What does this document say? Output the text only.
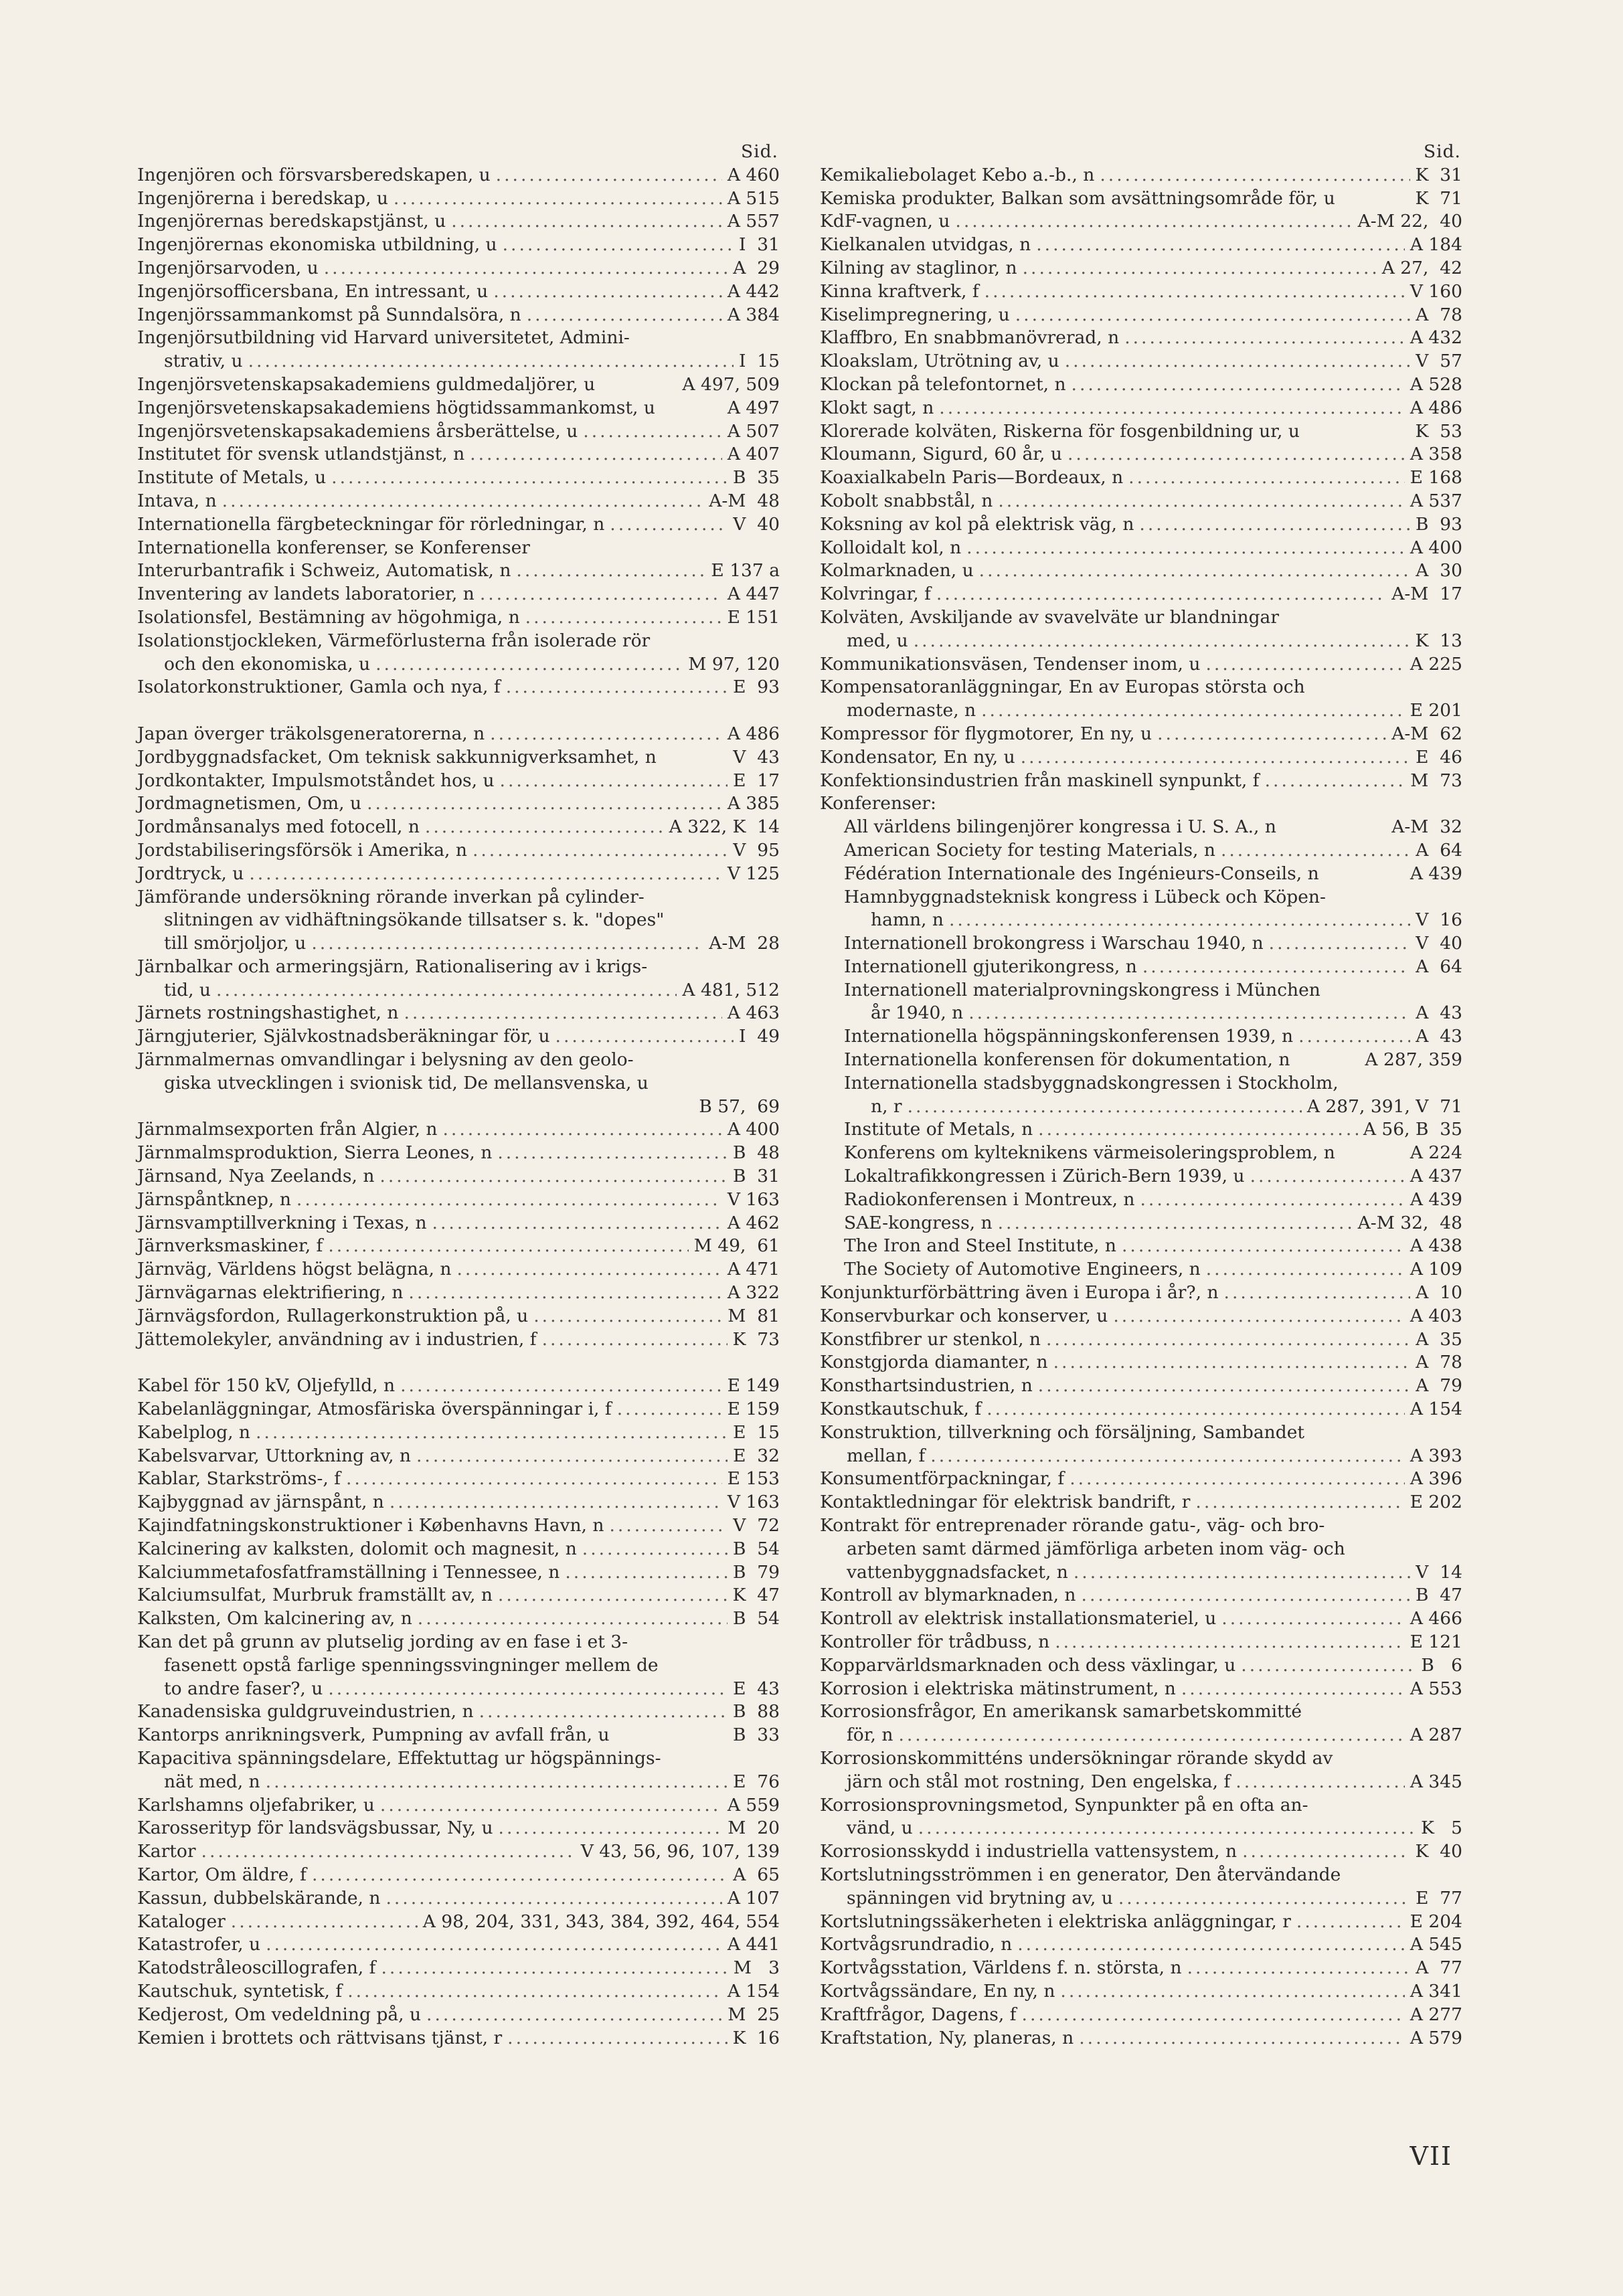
Sid.
Ingenjören och försvarsberedskapen, u .....	A 460
Ingenjörerna i beredskap, u .....	A 515
Ingenjörernas beredskapstjänst, u .....	A 557
Ingenjörernas ekonomiska utbildning, u .....	I  31
Ingenjörsarvoden, u .....	A  29
Ingenjörsofficersbana, En intressant, u .....	A 442
Ingenjörssammankomst på Sunndalsöra, n .....	A 384
Ingenjörsutbildning vid Harvard universitetet, Admini-
strativ, u .....	I  15
Ingenjörsvetenskapsakademiens guldmedaljörer, u	A 497, 509
Ingenjörsvetenskapsakademiens högtidssammankomst, u	A 497
Ingenjörsvetenskapsakademiens årsberättelse, u .....	A 507
Institutet för svensk utlandstjänst, n .....	A 407
Institute of Metals, u .....	B  35
Intava, n .....	A-M  48
Internationella färgbeteckningar för rörledningar, n .....	V  40
Internationella konferenser, se Konferenser
Interurbantrafik i Schweiz, Automatisk, n .....	E 137 a
Inventering av landets laboratorier, n .....	A 447
Isolationsfel, Bestämning av högohmiga, n .....	E 151
Isolationstjockleken, Värmeförlusterna från isolerade rör
och den ekonomiska, u .....	M 97, 120
Isolatorkonstruktioner, Gamla och nya, f .....	E  93
Japan överger träkolsgeneratorerna, n .....	A 486
Jordbyggnadsfacket, Om teknisk sakkunnigverksamhet, n	V  43
Jordkontakter, Impulsmotståndet hos, u .....	E  17
Jordmagnetismen, Om, u .....	A 385
Jordmånsanalys med fotocell, n .....	A 322, K  14
Jordstabiliseringsförsök i Amerika, n .....	V  95
Jordtryck, u .....	V 125
Jämförande undersökning rörande inverkan på cylinder-
slitningen av vidhäftningsökande tillsatser s. k. "dopes"
till smörjoljor, u .....	A-M  28
Järnbalkar och armeringsjärn, Rationalisering av i krigs-
tid, u .....	A 481, 512
Järnets rostningshastighet, n .....	A 463
Järngjuterier, Självkostnadsberäkningar för, u .....	I  49
Järnmalmernas omvandlingar i belysning av den geolo-
giska utvecklingen i svionisk tid, De mellansvenska, u
B 57,  69
Järnmalmsexporten från Algier, n .....	A 400
Järnmalmsproduktion, Sierra Leones, n .....	B  48
Järnsand, Nya Zeelands, n .....	B  31
Järnspåntknep, n .....	V 163
Järnsvamptillverkning i Texas, n .....	A 462
Järnverksmaskiner, f .....	M 49,  61
Järnväg, Världens högst belägna, n .....	A 471
Järnvägarnas elektrifiering, n .....	A 322
Järnvägsfordon, Rullagerkonstruktion på, u .....	M  81
Jättemolekyler, användning av i industrien, f .....	K  73
Kabel för 150 kV, Oljefylld, n .....	E 149
Kabelanläggningar, Atmosfäriska överspänningar i, f .....	E 159
Kabelplog, n .....	E  15
Kabelsvarvar, Uttorkning av, n .....	E  32
Kablar, Starkströms-, f .....	E 153
Kajbyggnad av järnspånt, n .....	V 163
Kajindfatningskonstruktioner i Københavns Havn, n .....	V  72
Kalcinering av kalksten, dolomit och magnesit, n .....	B  54
Kalciummetafosfatframställning i Tennessee, n .....	B  79
Kalciumsulfat, Murbruk framställt av, n .....	K  47
Kalksten, Om kalcinering av, n .....	B  54
Kan det på grunn av plutselig jording av en fase i et 3-
fasenett opstå farlige spenningssvingninger mellem de
to andre faser?, u .....	E  43
Kanadensiska guldgruveindustrien, n .....	B  88
Kantorps anrikningsverk, Pumpning av avfall från, u	B  33
Kapacitiva spänningsdelare, Effektuttag ur högspännings-
nät med, n .....	E  76
Karlshamns oljefabriker, u .....	A 559
Karosserityp för landsvägsbussar, Ny, u .....	M  20
Kartor .....	V 43, 56, 96, 107, 139
Kartor, Om äldre, f .....	A  65
Kassun, dubbelskärande, n .....	A 107
Kataloger .....	A 98, 204, 331, 343, 384, 392, 464, 554
Katastrofer, u .....	A 441
Katodstråleoscillografen, f .....	M   3
Kautschuk, syntetisk, f .....	A 154
Kedjerost, Om vedeldning på, u .....	M  25
Kemien i brottets och rättvisans tjänst, r .....	K  16
Sid.
Kemikaliebolaget Kebo a.-b., n .....	K  31
Kemiska produkter, Balkan som avsättningsområde för, u	K  71
KdF-vagnen, u .....	A-M 22,  40
Kielkanalen utvidgas, n .....	A 184
Kilning av staglinor, n .....	A 27,  42
Kinna kraftverk, f .....	V 160
Kiselimpregnering, u .....	A  78
Klaffbro, En snabbmanövrerad, n .....	A 432
Kloakslam, Utrötning av, u .....	V  57
Klockan på telefontornet, n .....	A 528
Klokt sagt, n .....	A 486
Klorerade kolväten, Riskerna för fosgenbildning ur, u	K  53
Kloumann, Sigurd, 60 år, u .....	A 358
Koaxialkabeln Paris—Bordeaux, n .....	E 168
Kobolt snabbstål, n .....	A 537
Koksning av kol på elektrisk väg, n .....	B  93
Kolloidalt kol, n .....	A 400
Kolmarknaden, u .....	A  30
Kolvringar, f .....	A-M  17
Kolväten, Avskiljande av svavelväte ur blandningar
med, u .....	K  13
Kommunikationsväsen, Tendenser inom, u .....	A 225
Kompensatoranläggningar, En av Europas största och
modernaste, n .....	E 201
Kompressor för flygmotorer, En ny, u .....	A-M  62
Kondensator, En ny, u .....	E  46
Konfektionsindustrien från maskinell synpunkt, f .....	M  73
Konferenser:
All världens bilingenjörer kongressa i U. S. A., n	A-M  32
American Society for testing Materials, n .....	A  64
Fédération Internationale des Ingénieurs-Conseils, n	A 439
Hamnbyggnadsteknisk kongress i Lübeck och Köpen-
hamn, n .....	V  16
Internationell brokongress i Warschau 1940, n .....	V  40
Internationell gjuterikongress, n .....	A  64
Internationell materialprovningskongress i München
år 1940, n .....	A  43
Internationella högspänningskonferensen 1939, n .....	A  43
Internationella konferensen för dokumentation, n	A 287, 359
Internationella stadsbyggnadskongressen i Stockholm,
n, r .....	A 287, 391, V  71
Institute of Metals, n .....	A 56, B  35
Konferens om kylteknikens värmeisoleringsproblem, n	A 224
Lokaltrafikkongressen i Zürich-Bern 1939, u .....	A 437
Radiokonferensen i Montreux, n .....	A 439
SAE-kongress, n .....	A-M 32,  48
The Iron and Steel Institute, n .....	A 438
The Society of Automotive Engineers, n .....	A 109
Konjunkturförbättring även i Europa i år?, n .....	A  10
Konservburkar och konserver, u .....	A 403
Konstfibrer ur stenkol, n .....	A  35
Konstgjorda diamanter, n .....	A  78
Konsthartsindustrien, n .....	A  79
Konstkautschuk, f .....	A 154
Konstruktion, tillverkning och försäljning, Sambandet
mellan, f .....	A 393
Konsumentförpackningar, f .....	A 396
Kontaktledningar för elektrisk bandrift, r .....	E 202
Kontrakt för entreprenader rörande gatu-, väg- och bro-
arbeten samt därmed jämförliga arbeten inom väg- och
vattenbyggnadsfacket, n .....	V  14
Kontroll av blymarknaden, n .....	B  47
Kontroll av elektrisk installationsmateriel, u .....	A 466
Kontroller för trådbuss, n .....	E 121
Kopparvärldsmarknaden och dess växlingar, u .....	B   6
Korrosion i elektriska mätinstrument, n .....	A 553
Korrosionsfrågor, En amerikansk samarbetskommitté
för, n .....	A 287
Korrosionskommitténs undersökningar rörande skydd av
järn och stål mot rostning, Den engelska, f .....	A 345
Korrosionsprovningsmetod, Synpunkter på en ofta an-
vänd, u .....	K   5
Korrosionsskydd i industriella vattensystem, n .....	K  40
Kortslutningsströmmen i en generator, Den återvändande
spänningen vid brytning av, u .....	E  77
Kortslutningssäkerheten i elektriska anläggningar, r .....	E 204
Kortvågsrundradio, n .....	A 545
Kortvågsstation, Världens f. n. största, n .....	A  77
Kortvågssändare, En ny, n .....	A 341
Kraftfrågor, Dagens, f .....	A 277
Kraftstation, Ny, planeras, n .....	A 579
VII
